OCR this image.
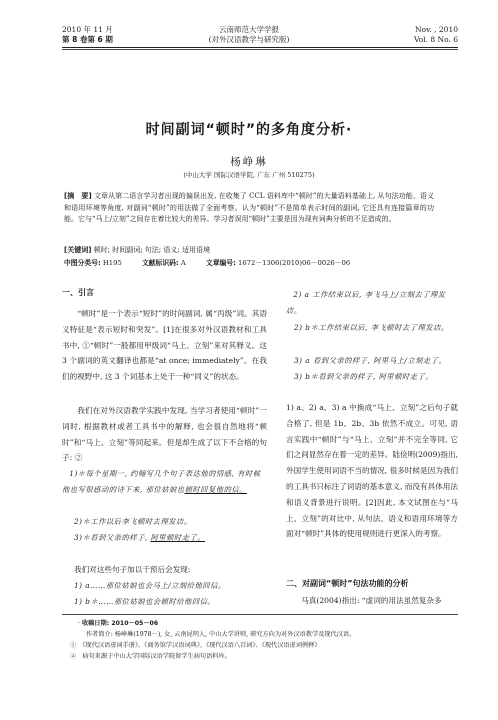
2010 年 11 月
第 8 卷第 6 期
云南师范大学学报
(对外汉语教学与研究版)
Nov. , 2010
Vol. 8 No. 6
时间副词“顿时”的多角度分析·
杨峥琳
(中山大学 国际汉语学院, 广东 广州 510275)
[摘　要] 文章从第二语言学习者出现的偏误出发, 在收集了 CCL 语料库中“顿时”的大量语料基础上, 从句法功能、语义和语用环境等角度, 对副词“顿时”的用法做了全面考察。认为“顿时”不是简单表示时间的副词, 它还具有连接篇章的功能。它与“马上/立刻”之间存在着比较大的差异。学习者误用“顿时”主要是因为现有词典分析的不足造成的。
[关键词] 顿时; 时间副词; 句法; 语义; 适用语境
中图分类号: H195	文献标识码: A	文章编号: 1672－1306(2010)06－0026－06
一、引言
“顿时”是一个表示“短时”的时间副词, 属“丙级”词。其语义特征是“表示短时和突发”。[1]在很多对外汉语教材和工具书中, ①“顿时”一般都用甲级词“马上、立刻”来对其释义。这 3 个副词的英文翻译也都是“at once; immediately”。在我们的视野中, 这 3 个词基本上处于一种“同义”的状态。
我们在对外汉语教学实践中发现, 当学习者使用“顿时”一词时, 根据教材或者工具书中的解释, 也会很自然地将“顿时”和“马上、立刻”等同起来。但是却生成了以下不合格的句子: ②
1)＊每个星期一, 约翰写几个句子表达他的情感, 有时候他也写很感动的诗下来, 那位姑娘也顿时回复他的信。
2)＊工作以后李飞顿时去理发店。
3)＊看到父亲的样子, 阿里顿时走了。
我们对这些句子加以干预后会发现:
1) a……那位姑娘也会马上/立刻给他回信。
1) b＊……那位姑娘也会顿时给他回信。
2) a 工作结束以后, 李飞马上/立刻去了理发店。
2) b＊工作结束以后, 李飞顿时去了理发店。
3) a 看到父亲的样子, 阿里马上/立刻走了。
3) b＊看到父亲的样子, 阿里顿时走了。
1) a、2) a、3) a 中换成“马上、立刻”之后句子就合格了, 但是 1b、2b、3b 依然不成立。可见, 语言实践中“顿时”与“马上、立刻”并不完全等同, 它们之间显然存在着一定的差异。陆俭明(2009)指出, 外国学生使用词语不当的情况, 很多时候是因为我们的工具书只标注了词语的基本意义, 而没有具体用法和语义背景进行说明。[2]因此, 本文试图在与“马上、立刻”的对比中, 从句法、语义和语用环境等方面对“顿时”具体的使用规则进行更深入的考察。
二、对副词“顿时”句法功能的分析
马真(2004)指出: “虚词的用法虽然复杂多
· 收稿日期: 2010－05－06
作者简介: 杨峥琳(1978－), 女, 云南昆明人, 中山大学讲师, 研究方向为对外汉语教学及现代汉语。
①　《现代汉语虚词手册》、《商务馆学汉语词典》、《现代汉语八百词》、《现代汉语虚词例释》
②　病句来源于中山大学国际汉语学院留学生病句语料库。
